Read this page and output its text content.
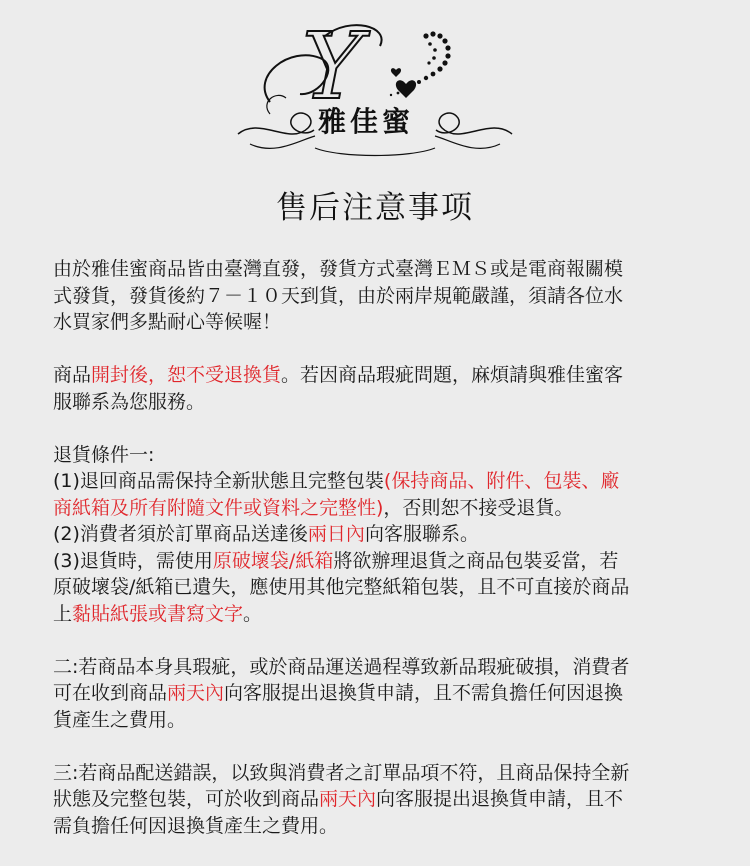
Y
雅佳蜜
售后注意事项
由於雅佳蜜商品皆由臺灣直發，發貨方式臺灣ＥＭＳ或是電商報關模
式發貨，發貨後約７－１０天到貨，由於兩岸規範嚴謹，須請各位水
水買家們多點耐心等候喔！
商品開封後，恕不受退換貨。若因商品瑕疵問題，麻煩請與雅佳蜜客
服聯系為您服務。
退貨條件一:
(1)退回商品需保持全新狀態且完整包裝(保持商品、附件、包裝、廠
商紙箱及所有附隨文件或資料之完整性)，否則恕不接受退貨。
(2)消費者須於訂單商品送達後兩日內向客服聯系。
(3)退貨時，需使用原破壞袋/紙箱將欲辦理退貨之商品包裝妥當，若
原破壞袋/紙箱已遺失，應使用其他完整紙箱包裝，且不可直接於商品
上黏貼紙張或書寫文字。
二:若商品本身具瑕疵，或於商品運送過程導致新品瑕疵破損，消費者
可在收到商品兩天內向客服提出退換貨申請，且不需負擔任何因退換
貨產生之費用。
三:若商品配送錯誤，以致與消費者之訂單品項不符，且商品保持全新
狀態及完整包裝，可於收到商品兩天內向客服提出退換貨申請，且不
需負擔任何因退換貨產生之費用。
